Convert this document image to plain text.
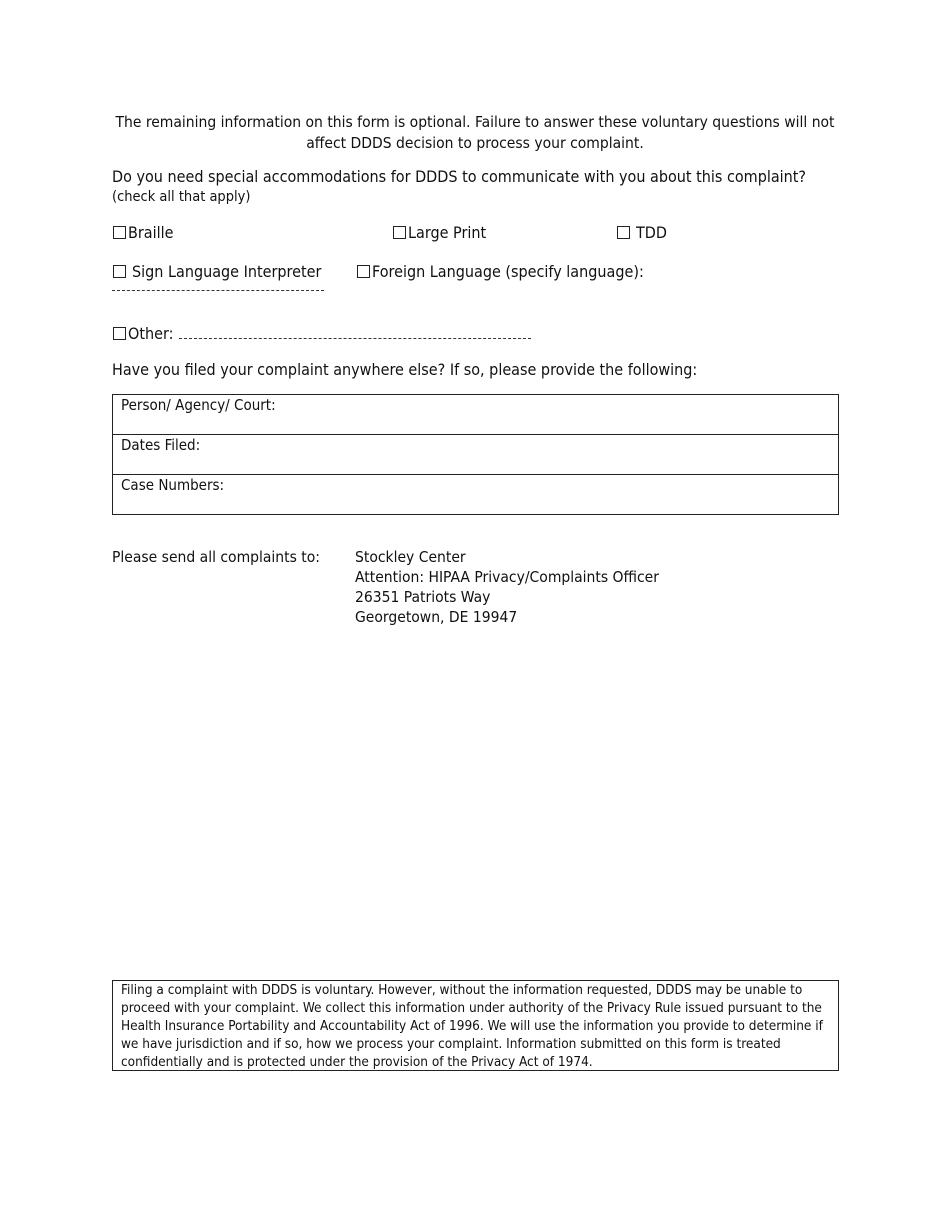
The remaining information on this form is optional. Failure to answer these voluntary questions will not affect DDDS decision to process your complaint.
Do you need special accommodations for DDDS to communicate with you about this complaint?
(check all that apply)
Braille	Large Print	TDD
Sign Language Interpreter	Foreign Language (specify language):
Other:
Have you filed your complaint anywhere else? If so, please provide the following:
Person/ Agency/ Court:
Dates Filed:
Case Numbers:
Please send all complaints to: Stockley Center
Attention: HIPAA Privacy/Complaints Officer
26351 Patriots Way
Georgetown, DE 19947
Filing a complaint with DDDS is voluntary. However, without the information requested, DDDS may be unable to proceed with your complaint. We collect this information under authority of the Privacy Rule issued pursuant to the Health Insurance Portability and Accountability Act of 1996. We will use the information you provide to determine if we have jurisdiction and if so, how we process your complaint. Information submitted on this form is treated confidentially and is protected under the provision of the Privacy Act of 1974.
